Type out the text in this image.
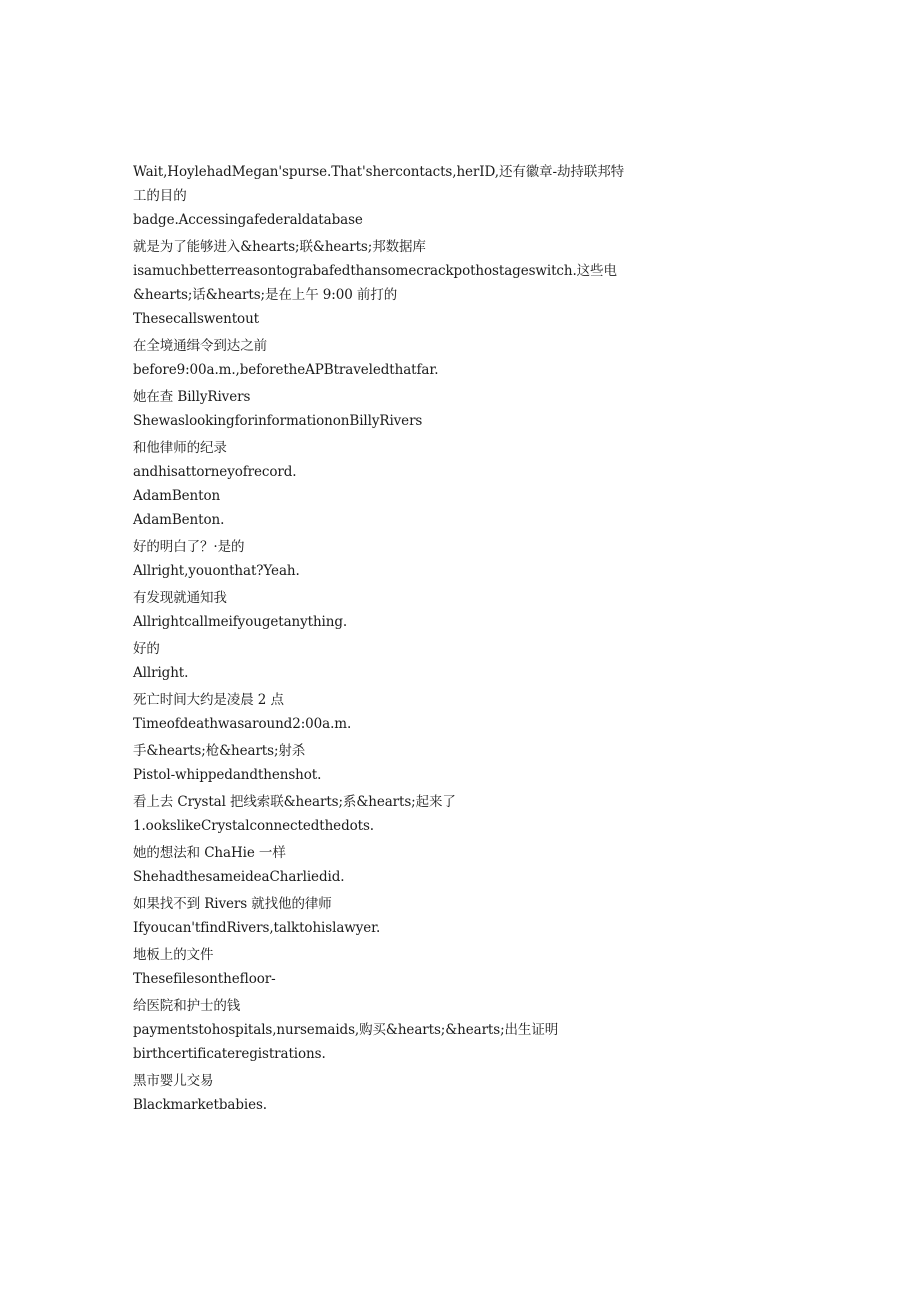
Wait,HoylehadMegan'spurse.That'shercontacts,herID,还有徽章-劫持联邦特
工的目的
badge.Accessingafederaldatabase
就是为了能够进入&hearts;联&hearts;邦数据库
isamuchbetterreasontograbafedthansomecrackpothostageswitch.这些电
&hearts;话&hearts;是在上午 9:00 前打的
Thesecallswentout
在全境通缉令到达之前
before9:00a.m.,beforetheAPBtraveledthatfar.
她在查 BillyRivers
ShewaslookingforinformationonBillyRivers
和他律师的纪录
andhisattorneyofrecord.
AdamBenton
AdamBenton.
好的明白了？·是的
Allright,youonthat?Yeah.
有发现就通知我
Allrightcallmeifyougetanything.
好的
Allright.
死亡时间大约是凌晨 2 点
Timeofdeathwasaround2:00a.m.
手&hearts;枪&hearts;射杀
Pistol-whippedandthenshot.
看上去 Crystal 把线索联&hearts;系&hearts;起来了
1.ookslikeCrystalconnectedthedots.
她的想法和 ChaHie 一样
ShehadthesameideaCharliedid.
如果找不到 Rivers 就找他的律师
Ifyoucan'tfindRivers,talktohislawyer.
地板上的文件
Thesefilesonthefloor-
给医院和护士的钱
paymentstohospitals,nursemaids,购买&hearts;&hearts;出生证明
birthcertificateregistrations.
黑市婴儿交易
Blackmarketbabies.
